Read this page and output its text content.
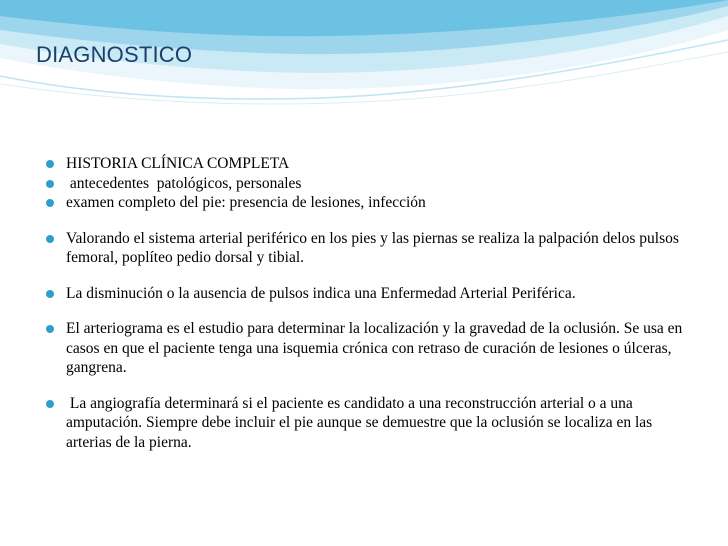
DIAGNOSTICO
HISTORIA CLÍNICA COMPLETA
antecedentes  patológicos, personales
examen completo del pie: presencia de lesiones, infección
Valorando el sistema arterial periférico en los pies y las piernas se realiza la palpación delos pulsos femoral, poplíteo pedio dorsal y tibial.
La disminución o la ausencia de pulsos indica una Enfermedad Arterial Periférica.
El arteriograma es el estudio para determinar la localización y la gravedad de la oclusión. Se usa en casos en que el paciente tenga una isquemia crónica con retraso de curación de lesiones o úlceras, gangrena.
La angiografía determinará si el paciente es candidato a una reconstrucción arterial o a una amputación. Siempre debe incluir el pie aunque se demuestre que la oclusión se localiza en las arterias de la pierna.
